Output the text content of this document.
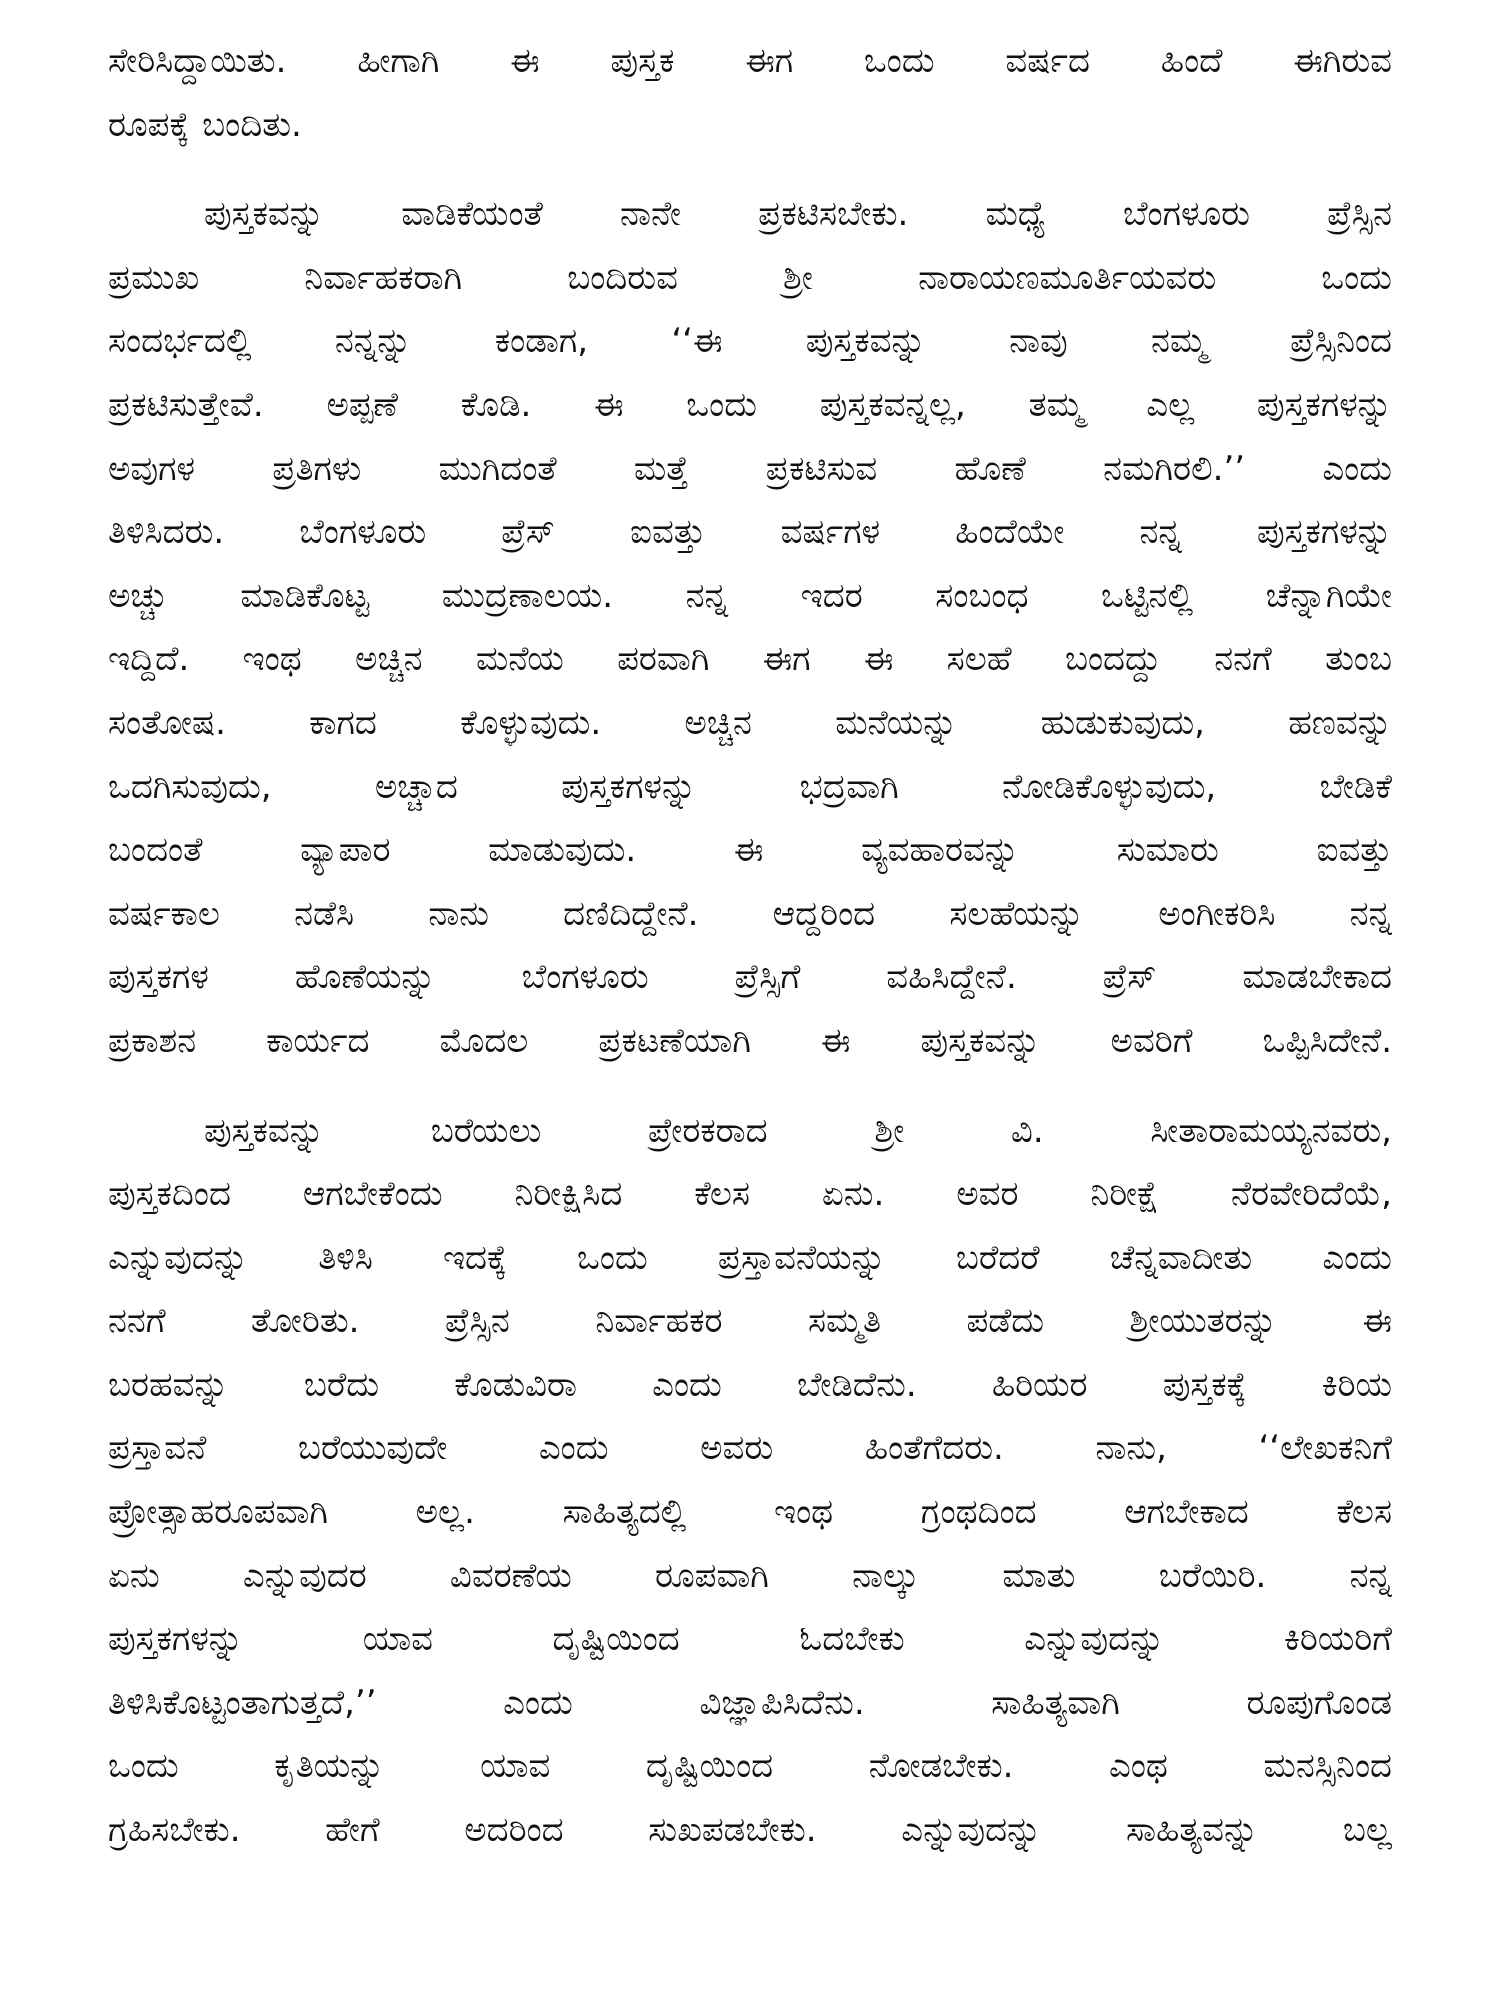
ಸೇರಿಸಿದ್ದಾಯಿತು. ಹೀಗಾಗಿ ಈ ಪುಸ್ತಕ ಈಗ ಒಂದು ವರ್ಷದ ಹಿಂದೆ ಈಗಿರುವ
ರೂಪಕ್ಕೆ ಬಂದಿತು.
ಪುಸ್ತಕವನ್ನು ವಾಡಿಕೆಯಂತೆ ನಾನೇ ಪ್ರಕಟಿಸಬೇಕು. ಮಧ್ಯೆ ಬೆಂಗಳೂರು ಪ್ರೆಸ್ಸಿನ
ಪ್ರಮುಖ ನಿರ್ವಾಹಕರಾಗಿ ಬಂದಿರುವ ಶ್ರೀ ನಾರಾಯಣಮೂರ್ತಿಯವರು ಒಂದು
ಸಂದರ್ಭದಲ್ಲಿ ನನ್ನನ್ನು ಕಂಡಾಗ, ‘‘ಈ ಪುಸ್ತಕವನ್ನು ನಾವು ನಮ್ಮ ಪ್ರೆಸ್ಸಿನಿಂದ
ಪ್ರಕಟಿಸುತ್ತೇವೆ. ಅಪ್ಪಣೆ ಕೊಡಿ. ಈ ಒಂದು ಪುಸ್ತಕವನ್ನಲ್ಲ, ತಮ್ಮ ಎಲ್ಲ ಪುಸ್ತಕಗಳನ್ನು
ಅವುಗಳ ಪ್ರತಿಗಳು ಮುಗಿದಂತೆ ಮತ್ತೆ ಪ್ರಕಟಿಸುವ ಹೊಣೆ ನಮಗಿರಲಿ.’’ ಎಂದು
ತಿಳಿಸಿದರು. ಬೆಂಗಳೂರು ಪ್ರೆಸ್ ಐವತ್ತು ವರ್ಷಗಳ ಹಿಂದೆಯೇ ನನ್ನ ಪುಸ್ತಕಗಳನ್ನು
ಅಚ್ಚು ಮಾಡಿಕೊಟ್ಟ ಮುದ್ರಣಾಲಯ. ನನ್ನ ಇದರ ಸಂಬಂಧ ಒಟ್ಟಿನಲ್ಲಿ ಚೆನ್ನಾಗಿಯೇ
ಇದ್ದಿದೆ. ಇಂಥ ಅಚ್ಚಿನ ಮನೆಯ ಪರವಾಗಿ ಈಗ ಈ ಸಲಹೆ ಬಂದದ್ದು ನನಗೆ ತುಂಬ
ಸಂತೋಷ. ಕಾಗದ ಕೊಳ್ಳುವುದು. ಅಚ್ಚಿನ ಮನೆಯನ್ನು ಹುಡುಕುವುದು, ಹಣವನ್ನು
ಒದಗಿಸುವುದು, ಅಚ್ಚಾದ ಪುಸ್ತಕಗಳನ್ನು ಭದ್ರವಾಗಿ ನೋಡಿಕೊಳ್ಳುವುದು, ಬೇಡಿಕೆ
ಬಂದಂತೆ ವ್ಯಾಪಾರ ಮಾಡುವುದು. ಈ ವ್ಯವಹಾರವನ್ನು ಸುಮಾರು ಐವತ್ತು
ವರ್ಷಕಾಲ ನಡೆಸಿ ನಾನು ದಣಿದಿದ್ದೇನೆ. ಆದ್ದರಿಂದ ಸಲಹೆಯನ್ನು ಅಂಗೀಕರಿಸಿ ನನ್ನ
ಪುಸ್ತಕಗಳ ಹೊಣೆಯನ್ನು ಬೆಂಗಳೂರು ಪ್ರೆಸ್ಸಿಗೆ ವಹಿಸಿದ್ದೇನೆ. ಪ್ರೆಸ್ ಮಾಡಬೇಕಾದ
ಪ್ರಕಾಶನ ಕಾರ್ಯದ ಮೊದಲ ಪ್ರಕಟಣೆಯಾಗಿ ಈ ಪುಸ್ತಕವನ್ನು ಅವರಿಗೆ ಒಪ್ಪಿಸಿದೇನೆ.
ಪುಸ್ತಕವನ್ನು ಬರೆಯಲು ಪ್ರೇರಕರಾದ ಶ್ರೀ ವಿ. ಸೀತಾರಾಮಯ್ಯನವರು,
ಪುಸ್ತಕದಿಂದ ಆಗಬೇಕೆಂದು ನಿರೀಕ್ಷಿಸಿದ ಕೆಲಸ ಏನು. ಅವರ ನಿರೀಕ್ಷೆ ನೆರವೇರಿದೆಯೆ,
ಎನ್ನುವುದನ್ನು ತಿಳಿಸಿ ಇದಕ್ಕೆ ಒಂದು ಪ್ರಸ್ತಾವನೆಯನ್ನು ಬರೆದರೆ ಚೆನ್ನವಾದೀತು ಎಂದು
ನನಗೆ ತೋರಿತು. ಪ್ರೆಸ್ಸಿನ ನಿರ್ವಾಹಕರ ಸಮ್ಮತಿ ಪಡೆದು ಶ್ರೀಯುತರನ್ನು ಈ
ಬರಹವನ್ನು ಬರೆದು ಕೊಡುವಿರಾ ಎಂದು ಬೇಡಿದೆನು. ಹಿರಿಯರ ಪುಸ್ತಕಕ್ಕೆ ಕಿರಿಯ
ಪ್ರಸ್ತಾವನೆ ಬರೆಯುವುದೇ ಎಂದು ಅವರು ಹಿಂತೆಗೆದರು. ನಾನು, ‘‘ಲೇಖಕನಿಗೆ
ಪ್ರೋತ್ಸಾಹರೂಪವಾಗಿ ಅಲ್ಲ. ಸಾಹಿತ್ಯದಲ್ಲಿ ಇಂಥ ಗ್ರಂಥದಿಂದ ಆಗಬೇಕಾದ ಕೆಲಸ
ಏನು ಎನ್ನುವುದರ ವಿವರಣೆಯ ರೂಪವಾಗಿ ನಾಲ್ಕು ಮಾತು ಬರೆಯಿರಿ. ನನ್ನ
ಪುಸ್ತಕಗಳನ್ನು ಯಾವ ದೃಷ್ಟಿಯಿಂದ ಓದಬೇಕು ಎನ್ನುವುದನ್ನು ಕಿರಿಯರಿಗೆ
ತಿಳಿಸಿಕೊಟ್ಟಂತಾಗುತ್ತದೆ,’’ ಎಂದು ವಿಜ್ಞಾಪಿಸಿದೆನು. ಸಾಹಿತ್ಯವಾಗಿ ರೂಪುಗೊಂಡ
ಒಂದು ಕೃತಿಯನ್ನು ಯಾವ ದೃಷ್ಟಿಯಿಂದ ನೋಡಬೇಕು. ಎಂಥ ಮನಸ್ಸಿನಿಂದ
ಗ್ರಹಿಸಬೇಕು. ಹೇಗೆ ಅದರಿಂದ ಸುಖಪಡಬೇಕು. ಎನ್ನುವುದನ್ನು ಸಾಹಿತ್ಯವನ್ನು ಬಲ್ಲ
